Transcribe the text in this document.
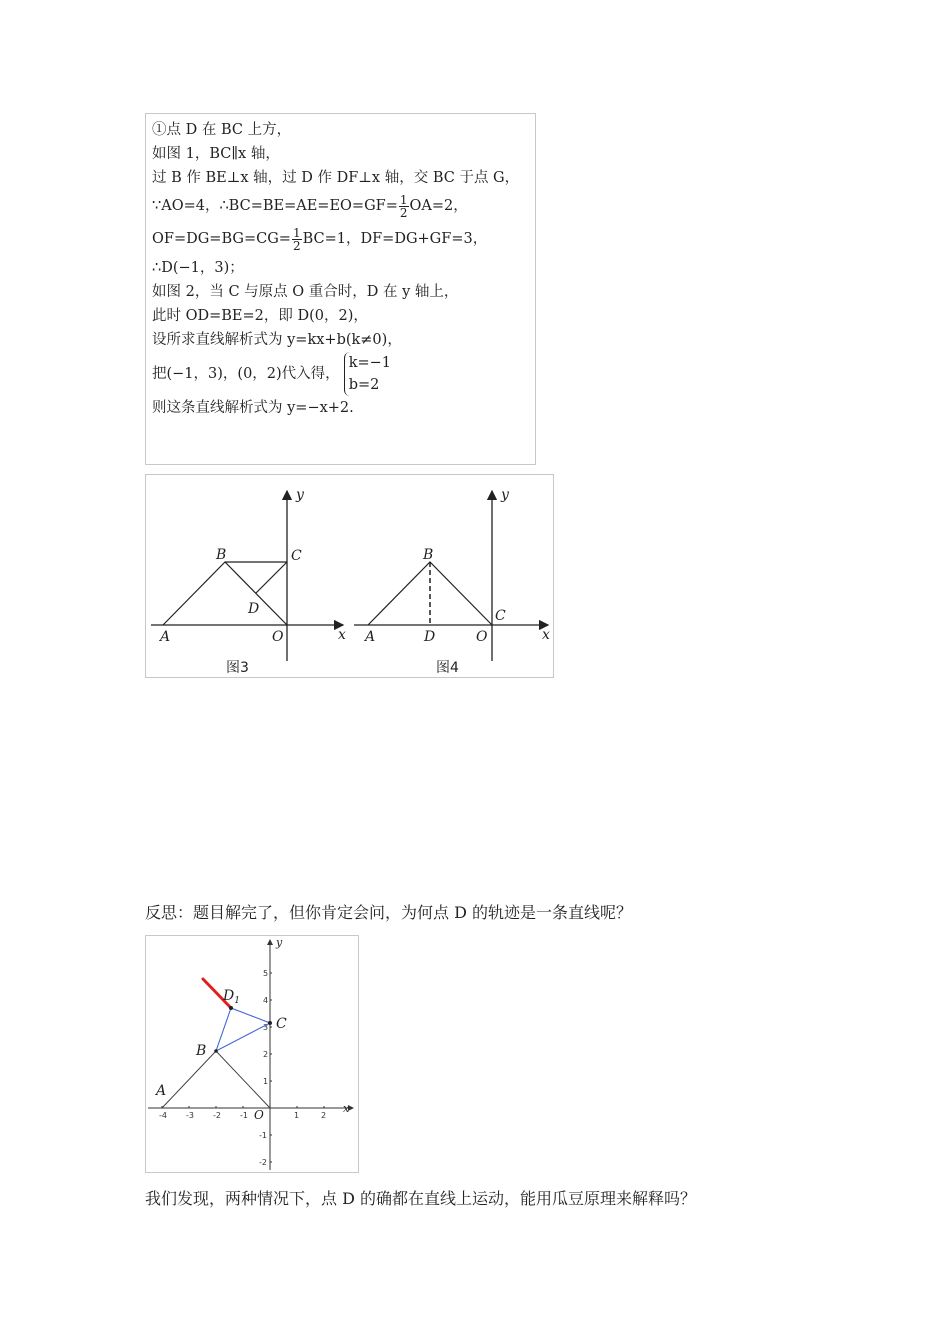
①点 D 在 BC 上方，
如图 1，BC∥x 轴，
过 B 作 BE⊥x 轴，过 D 作 DF⊥x 轴，交 BC 于点 G，
∵AO=4，∴BC=BE=AE=EO=GF= $\frac{1}{2} OA=2$，
$OF=DG=BG=CG= \frac{1}{2} BC=1$，DF=DG+GF=3，
∴D(−1，3)；
如图 2，当 C 与原点 O 重合时，D 在 y 轴上，
此时 OD=BE=2，即 D(0，2)，
设所求直线解析式为 y=kx+b(k≠0)，
把(−1，3)，(0，2)代入得，
k=−1
b=2
则这条直线解析式为 y=−x+2.
A
B	C
D
O	x
y
图3
A
B
C
D	O	x
y
图4
反思：题目解完了，但你肯定会问，为何点 D 的轨迹是一条直线呢？
-4 -3 -2 -1	1	2
5
4
3
2
1
-1
-2
A
B
C
$D_1$
O	x
y
我们发现，两种情况下，点 D 的确都在直线上运动，能用瓜豆原理来解释吗？
